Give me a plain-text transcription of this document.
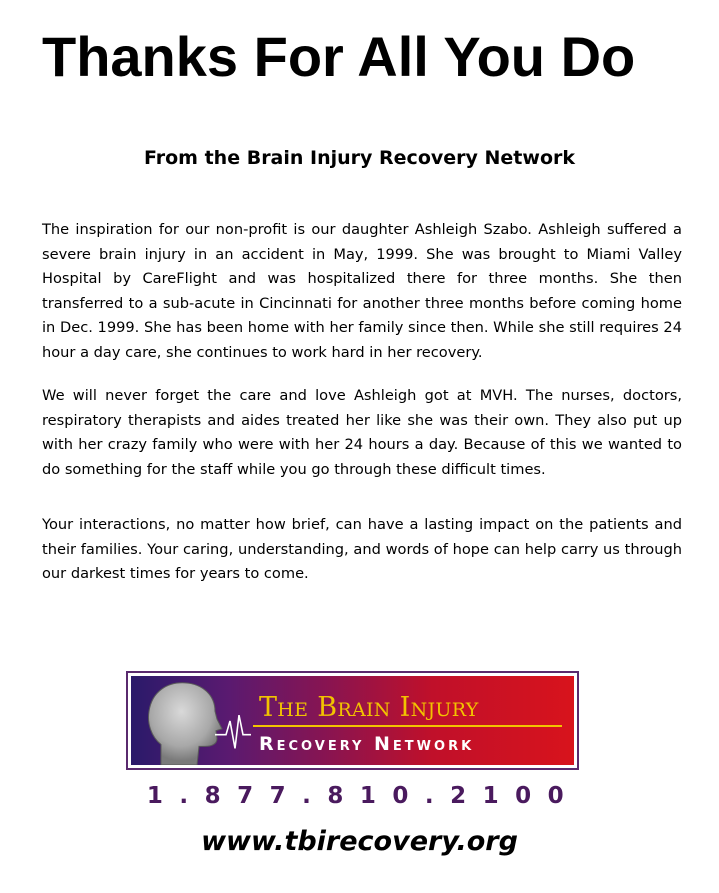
Thanks For All You Do
From the Brain Injury Recovery Network

The inspiration for our non-profit is our daughter Ashleigh Szabo. Ashleigh suffered a severe brain injury in an accident in May, 1999. She was brought to Miami Valley Hospital by CareFlight and was hospitalized there for three months. She then transferred to a sub-acute in Cincinnati for another three months before coming home in Dec. 1999. She has been home with her family since then. While she still requires 24 hour a day care, she continues to work hard in her recovery.

We will never forget the care and love Ashleigh got at MVH. The nurses, doctors, respiratory therapists and aides treated her like she was their own. They also put up with her crazy family who were with her 24 hours a day. Because of this we wanted to do something for the staff while you go through these difficult times.

Your interactions, no matter how brief, can have a lasting impact on the patients and their families. Your caring, understanding, and words of hope can help carry us through our darkest times for years to come.

The Brain Injury
Recovery Network

1.877.810.2100

www.tbirecovery.org
